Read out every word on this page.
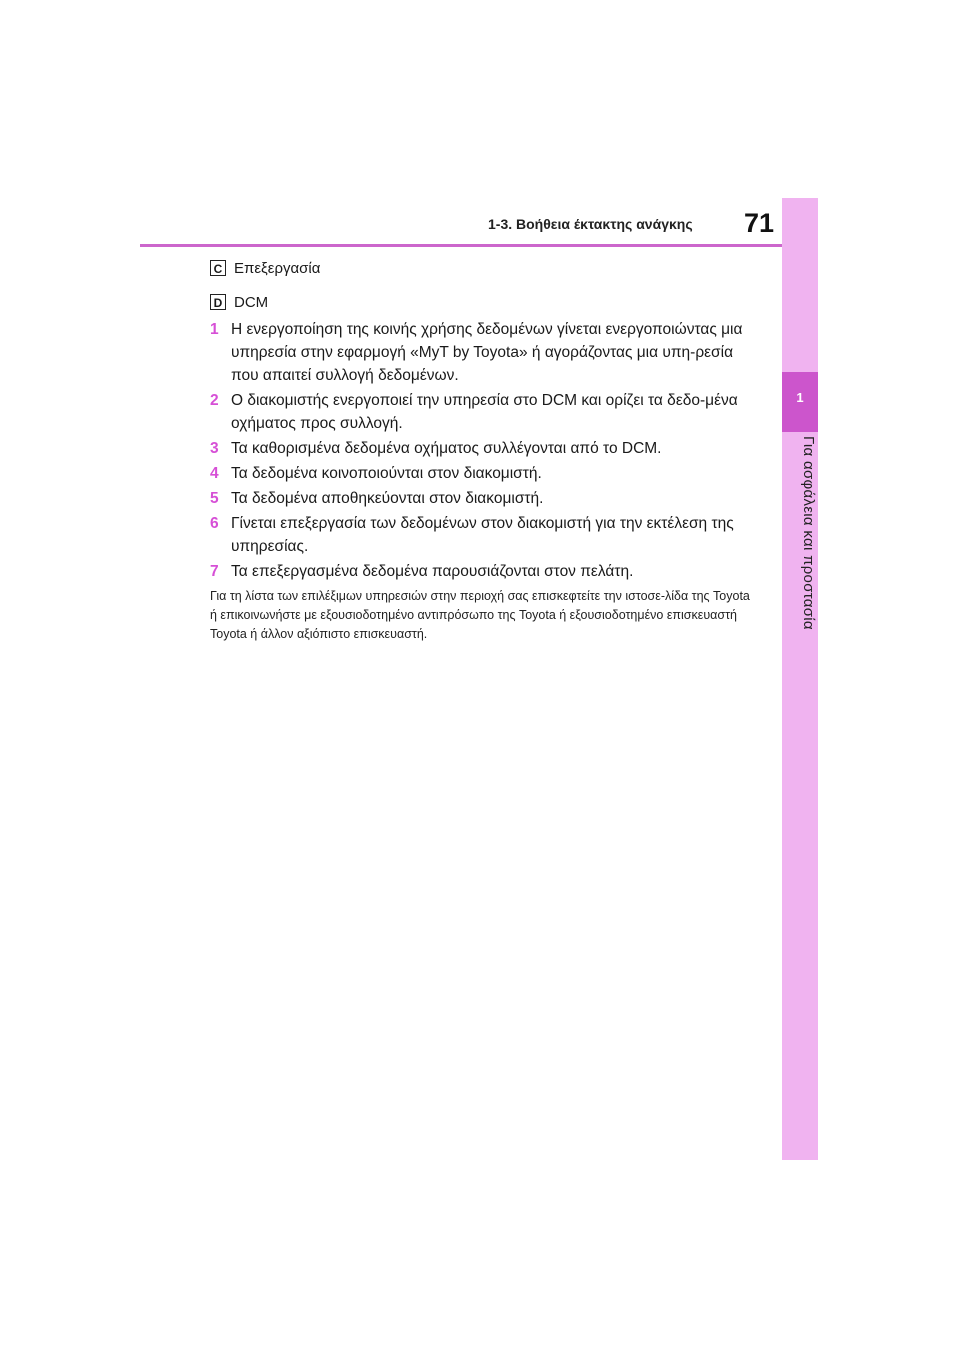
1-3. Βοήθεια έκτακτης ανάγκης 71
1
Για ασφάλεια και προστασία
C Επεξεργασία
D DCM
1 Η ενεργοποίηση της κοινής χρήσης δεδομένων γίνεται ενεργοποιώντας μια υπηρεσία στην εφαρμογή «MyT by Toyota» ή αγοράζοντας μια υπη-ρεσία που απαιτεί συλλογή δεδομένων.
2 Ο διακομιστής ενεργοποιεί την υπηρεσία στο DCM και ορίζει τα δεδο-μένα οχήματος προς συλλογή.
3 Τα καθορισμένα δεδομένα οχήματος συλλέγονται από το DCM.
4 Τα δεδομένα κοινοποιούνται στον διακομιστή.
5 Τα δεδομένα αποθηκεύονται στον διακομιστή.
6 Γίνεται επεξεργασία των δεδομένων στον διακομιστή για την εκτέλεση της υπηρεσίας.
7 Τα επεξεργασμένα δεδομένα παρουσιάζονται στον πελάτη.
Για τη λίστα των επιλέξιμων υπηρεσιών στην περιοχή σας επισκεφτείτε την ιστοσε-λίδα της Toyota ή επικοινωνήστε με εξουσιοδοτημένο αντιπρόσωπο της Toyota ή εξουσιοδοτημένο επισκευαστή Toyota ή άλλον αξιόπιστο επισκευαστή.
